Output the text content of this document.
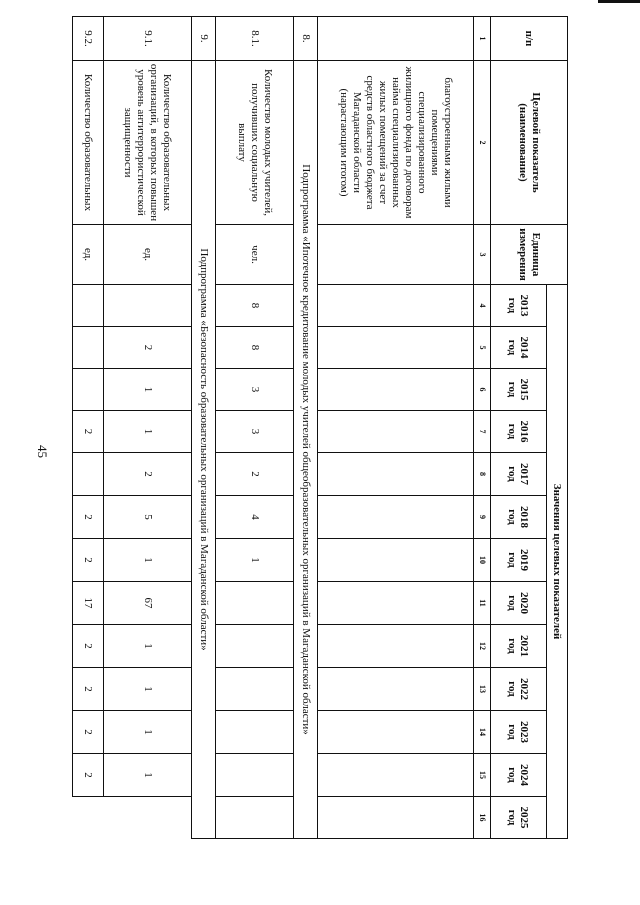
45
п/п	Целевой показатель (наименование)	Единица измерения	Значения целевых показателей												
			2013 год	2014 год	2015 год	2016 год	2017 год	2018 год	2019 год	2020 год	2021 год	2022 год	2023 год	2024 год	2025 год
1	2	3	4	5	6	7	8	9	10	11	12	13	14	15	16
	благоустроенными жилыми помещениями специализированного жилищного фонда по договорам найма специализированных жилых помещений за счет средств областного бюджета Магаданской области (нарастающим итогом)														
8.	Подпрограмма «Ипотечное кредитование молодых учителей общеобразовательных организаций в Магаданской области»														
8.1.	Количество молодых учителей, получивших социальную выплату	чел.	8	8	3	3	2	4	1						
9.	Подпрограмма «Безопасность образовательных организаций в Магаданской области»														
9.1.	Количество образовательных организаций, в которых повышен уровень антитеррористической защищенности	ед.		2	1	1	2	5	1	67	1	1	1	1	
9.2.	Количество образовательных	ед.				2		2	2	17	2	2	2	2	
